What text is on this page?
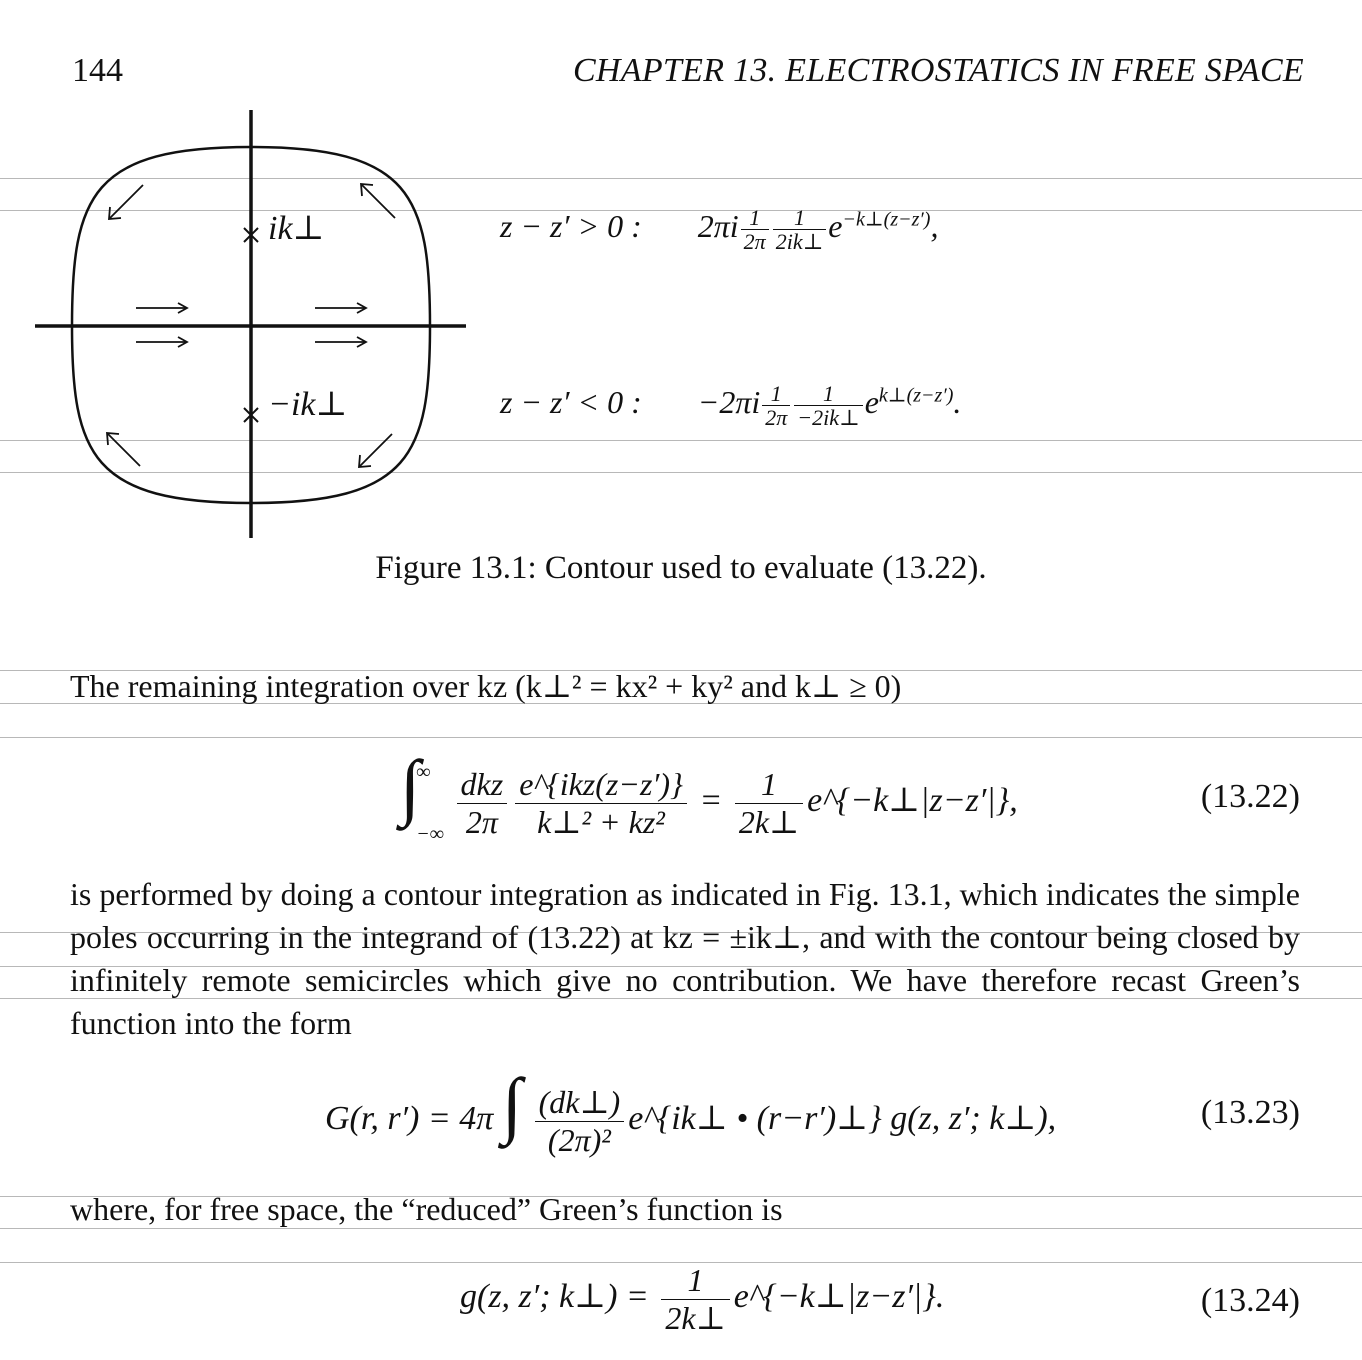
144	CHAPTER 13. ELECTROSTATICS IN FREE SPACE
ik⊥
−ik⊥
z − z′ > 0 : $2\pi i \frac{1}{2\pi} \frac{1}{2ik\perp} e^{-k\perp(z-z')}$,
z − z′ < 0 : $-2\pi i \frac{1}{2\pi} \frac{1}{-2ik\perp} e^{k\perp(z-z')}$.
Figure 13.1: Contour used to evaluate (13.22).
The remaining integration over kz (k⊥² = kx² + ky² and k⊥ ≥ 0)
∫
∞
−∞
$\frac{\text{dkz}}{2\pi} \frac{\text{e\textasciicircum{}\{ikz(z−z′)\}}}{\text{k⊥² + kz²}} = \frac{1}{2k\perp}$ e^{−k⊥|z−z′|},	(13.22)
is performed by doing a contour integration as indicated in Fig. 13.1, which indicates the simple poles occurring in the integrand of (13.22) at kz = ±ik⊥, and with the contour being closed by infinitely remote semicircles which give no contribution. We have therefore recast Green’s function into the form
G(r, r′) = 4π ∫ $\frac{(dk\perp)}{\text{(2π)²}}$ e^{ik⊥ • (r−r′)⊥} g(z, z′; k⊥),	(13.23)
where, for free space, the “reduced” Green’s function is
g(z, z′; k⊥) = $\frac{1}{2k\perp}$ e^{−k⊥|z−z′|}.	(13.24)
